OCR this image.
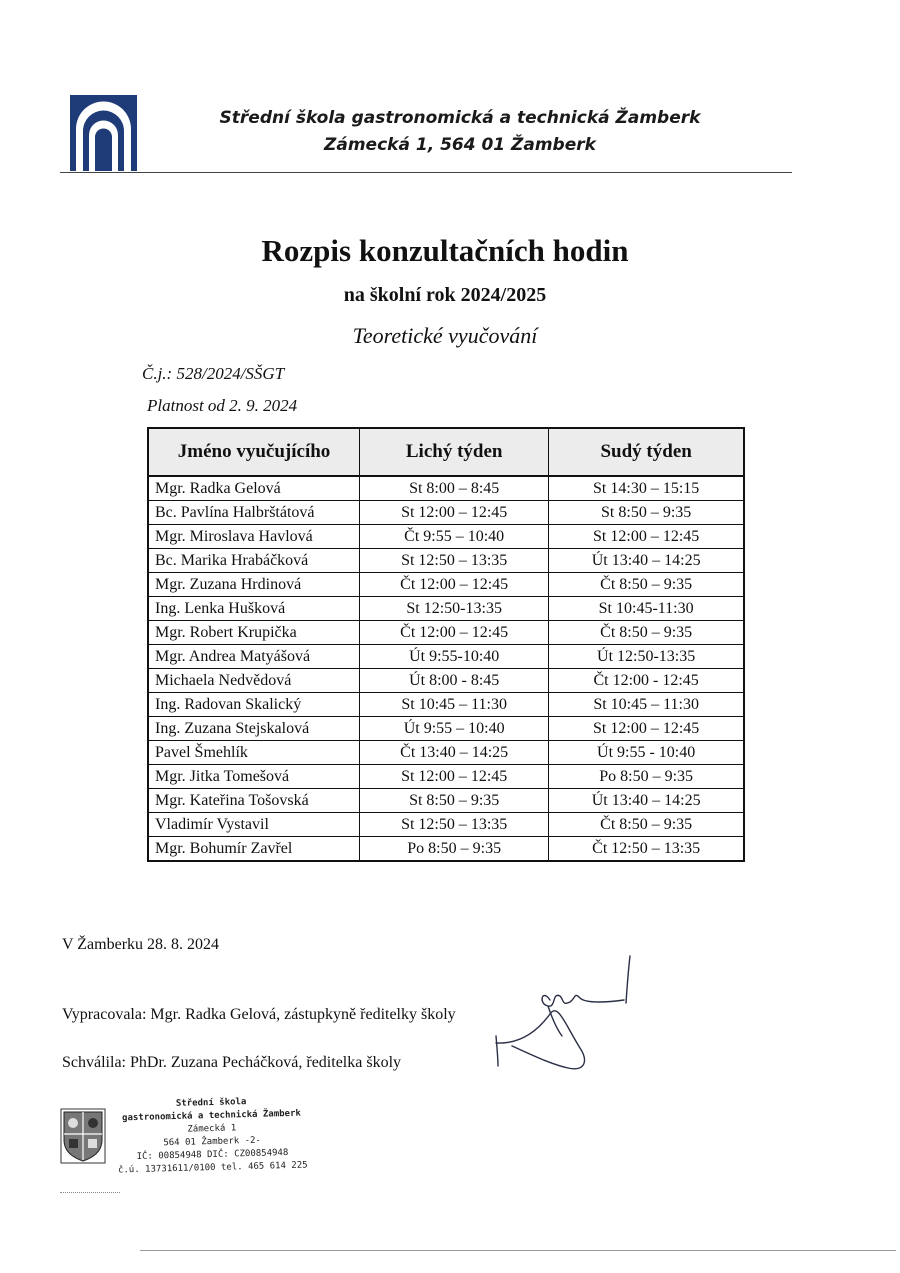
Střední škola gastronomická a technická Žamberk
Zámecká 1, 564 01 Žamberk
Rozpis konzultačních hodin
na školní rok 2024/2025
Teoretické vyučování
Č.j.: 528/2024/SŠGT
Platnost od 2. 9. 2024
Jméno vyučujícího	Lichý týden	Sudý týden
Mgr. Radka Gelová	St 8:00 – 8:45	St 14:30 – 15:15
Bc. Pavlína Halbrštátová	St 12:00 – 12:45	St 8:50 – 9:35
Mgr. Miroslava Havlová	Čt 9:55 – 10:40	St 12:00 – 12:45
Bc. Marika Hrabáčková	St 12:50 – 13:35	Út 13:40 – 14:25
Mgr. Zuzana Hrdinová	Čt 12:00 – 12:45	Čt 8:50 – 9:35
Ing. Lenka Hušková	St 12:50-13:35	St 10:45-11:30
Mgr. Robert Krupička	Čt 12:00 – 12:45	Čt 8:50 – 9:35
Mgr. Andrea Matyášová	Út 9:55-10:40	Út 12:50-13:35
Michaela Nedvědová	Út 8:00 - 8:45	Čt 12:00 - 12:45
Ing. Radovan Skalický	St 10:45 – 11:30	St 10:45 – 11:30
Ing. Zuzana Stejskalová	Út 9:55 – 10:40	St 12:00 – 12:45
Pavel Šmehlík	Čt 13:40 – 14:25	Út 9:55 - 10:40
Mgr. Jitka Tomešová	St 12:00 – 12:45	Po 8:50 – 9:35
Mgr. Kateřina Tošovská	St 8:50 – 9:35	Út 13:40 – 14:25
Vladimír Vystavil	St 12:50 – 13:35	Čt 8:50 – 9:35
Mgr. Bohumír Zavřel	Po 8:50 – 9:35	Čt 12:50 – 13:35
V Žamberku 28. 8. 2024
Vypracovala: Mgr. Radka Gelová, zástupkyně ředitelky školy
Schválila: PhDr. Zuzana Pecháčková, ředitelka školy
Střední škola
gastronomická a technická Žamberk
Zámecká 1
564 01 Žamberk -2-
IČ: 00854948 DIČ: CZ00854948
č.ú. 13731611/0100 tel. 465 614 225
